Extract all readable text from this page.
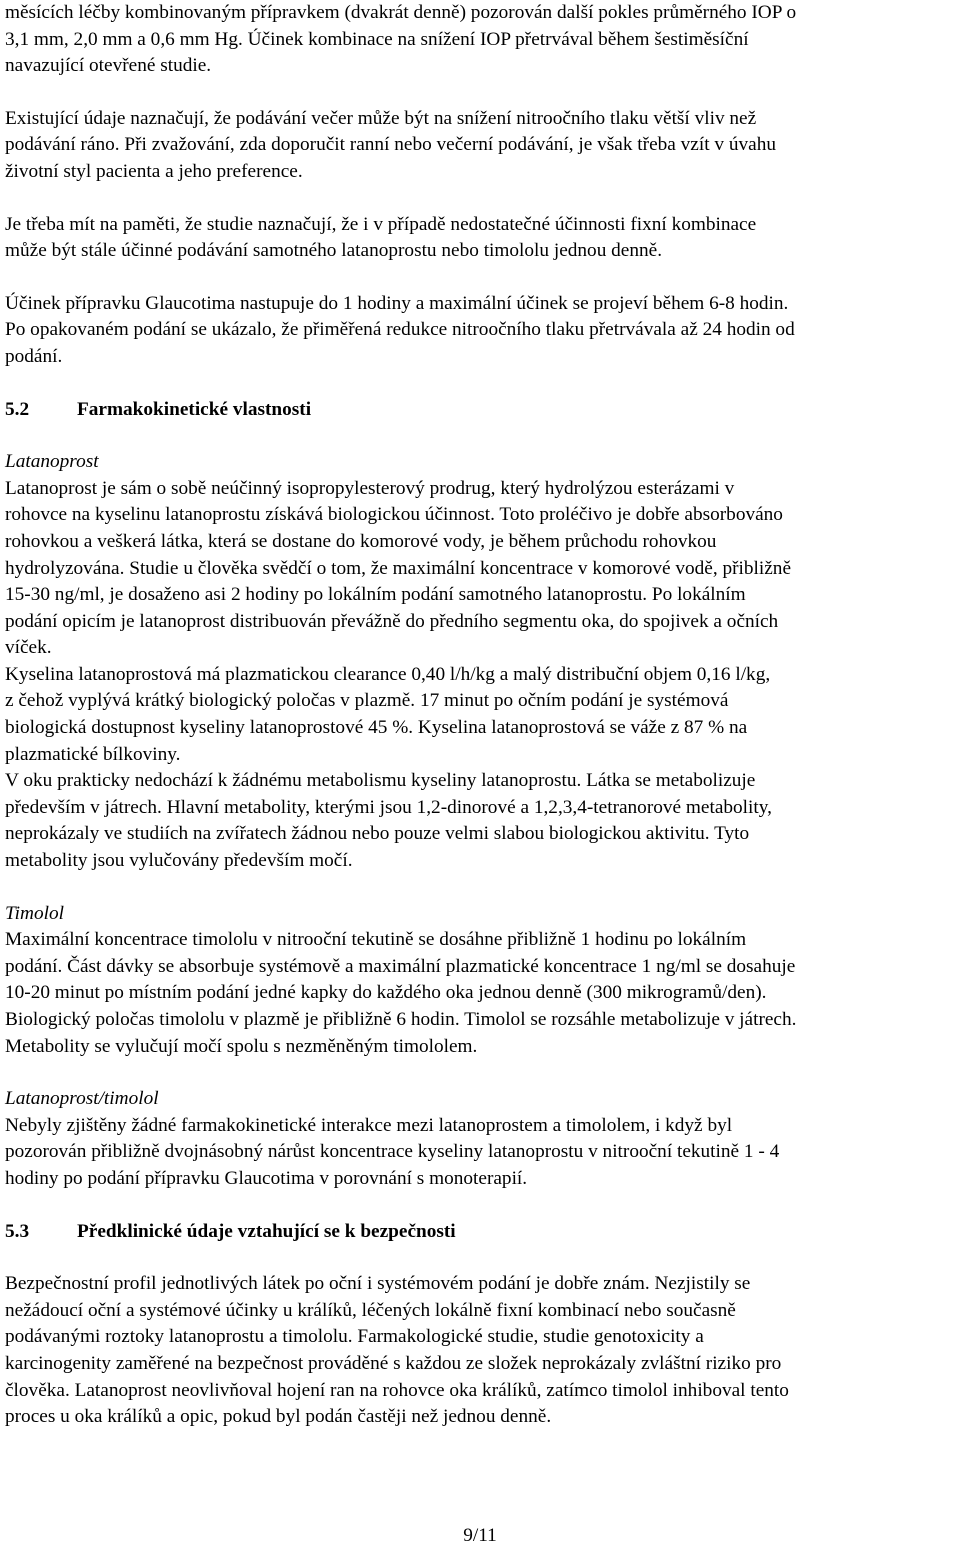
měsících léčby kombinovaným přípravkem (dvakrát denně) pozorován další pokles průměrného IOP o
3,1 mm, 2,0 mm a 0,6 mm Hg. Účinek kombinace na snížení IOP přetrvával během šestiměsíční
navazující otevřené studie.
Existující údaje naznačují, že podávání večer může být na snížení nitroočního tlaku větší vliv než
podávání ráno. Při zvažování, zda doporučit ranní nebo večerní podávání, je však třeba vzít v úvahu
životní styl pacienta a jeho preference.
Je třeba mít na paměti, že studie naznačují, že i v případě nedostatečné účinnosti fixní kombinace
může být stále účinné podávání samotného latanoprostu nebo timololu jednou denně.
Účinek přípravku Glaucotima nastupuje do 1 hodiny a maximální účinek se projeví během 6-8 hodin.
Po opakovaném podání se ukázalo, že přiměřená redukce nitroočního tlaku přetrvávala až 24 hodin od
podání.
5.2 Farmakokinetické vlastnosti
Latanoprost
Latanoprost je sám o sobě neúčinný isopropylesterový prodrug, který hydrolýzou esterázami v
rohovce na kyselinu latanoprostu získává biologickou účinnost. Toto proléčivo je dobře absorbováno
rohovkou a veškerá látka, která se dostane do komorové vody, je během průchodu rohovkou
hydrolyzována. Studie u člověka svědčí o tom, že maximální koncentrace v komorové vodě, přibližně
15-30 ng/ml, je dosaženo asi 2 hodiny po lokálním podání samotného latanoprostu. Po lokálním
podání opicím je latanoprost distribuován převážně do předního segmentu oka, do spojivek a očních
víček.
Kyselina latanoprostová má plazmatickou clearance 0,40 l/h/kg a malý distribuční objem 0,16 l/kg,
z čehož vyplývá krátký biologický poločas v plazmě. 17 minut po očním podání je systémová
biologická dostupnost kyseliny latanoprostové 45 %. Kyselina latanoprostová se váže z 87 % na
plazmatické bílkoviny.
V oku prakticky nedochází k žádnému metabolismu kyseliny latanoprostu. Látka se metabolizuje
především v játrech. Hlavní metabolity, kterými jsou 1,2-dinorové a 1,2,3,4-tetranorové metabolity,
neprokázaly ve studiích na zvířatech žádnou nebo pouze velmi slabou biologickou aktivitu. Tyto
metabolity jsou vylučovány především močí.
Timolol
Maximální koncentrace timololu v nitrooční tekutině se dosáhne přibližně 1 hodinu po lokálním
podání. Část dávky se absorbuje systémově a maximální plazmatické koncentrace 1 ng/ml se dosahuje
10-20 minut po místním podání jedné kapky do každého oka jednou denně (300 mikrogramů/den).
Biologický poločas timololu v plazmě je přibližně 6 hodin. Timolol se rozsáhle metabolizuje v játrech.
Metabolity se vylučují močí spolu s nezměněným timololem.
Latanoprost/timolol
Nebyly zjištěny žádné farmakokinetické interakce mezi latanoprostem a timololem, i když byl
pozorován přibližně dvojnásobný nárůst koncentrace kyseliny latanoprostu v nitrooční tekutině 1 - 4
hodiny po podání přípravku Glaucotima v porovnání s monoterapií.
5.3 Předklinické údaje vztahující se k bezpečnosti
Bezpečnostní profil jednotlivých látek po oční i systémovém podání je dobře znám. Nezjistily se
nežádoucí oční a systémové účinky u králíků, léčených lokálně fixní kombinací nebo současně
podávanými roztoky latanoprostu a timololu. Farmakologické studie, studie genotoxicity a
karcinogenity zaměřené na bezpečnost prováděné s každou ze složek neprokázaly zvláštní riziko pro
člověka. Latanoprost neovlivňoval hojení ran na rohovce oka králíků, zatímco timolol inhiboval tento
proces u oka králíků a opic, pokud byl podán častěji než jednou denně.
9/11
